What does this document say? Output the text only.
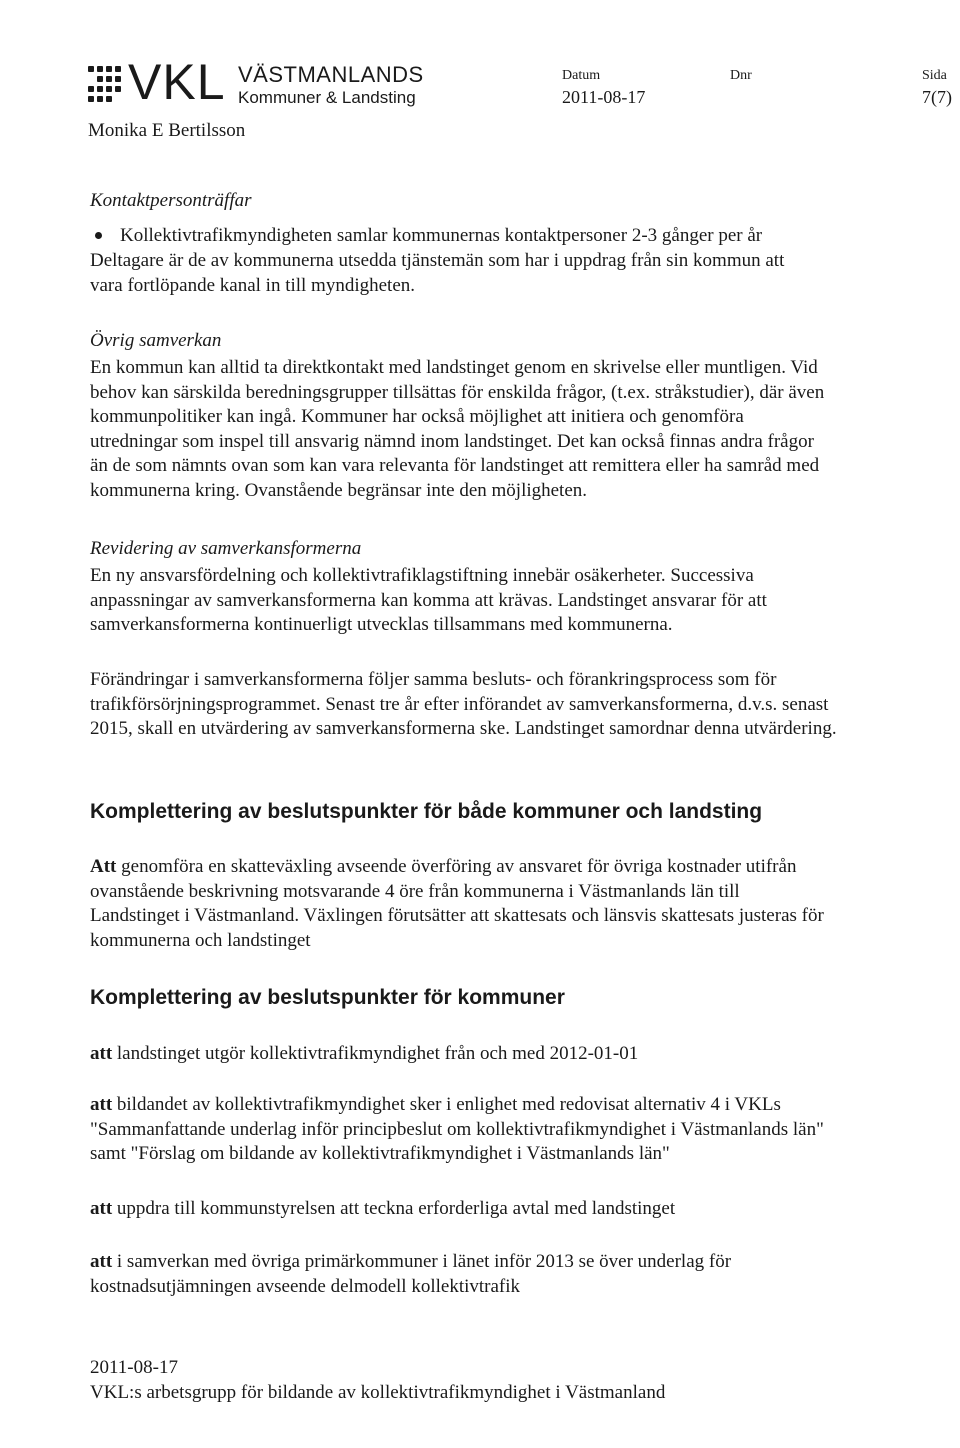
VKL VÄSTMANLANDS
Kommuner & Landsting
Monika E Bertilsson
Datum
2011-08-17
Dnr	Sida
7(7)
Kontaktpersonträffar
Kollektivtrafikmyndigheten samlar kommunernas kontaktpersoner 2-3 gånger per år

Deltagare är de av kommunerna utsedda tjänstemän som har i uppdrag från sin kommun att
vara fortlöpande kanal in till myndigheten.

Övrig samverkan

En kommun kan alltid ta direktkontakt med landstinget genom en skrivelse eller muntligen. Vid
behov kan särskilda beredningsgrupper tillsättas för enskilda frågor, (t.ex. stråkstudier), där även
kommunpolitiker kan ingå. Kommuner har också möjlighet att initiera och genomföra
utredningar som inspel till ansvarig nämnd inom landstinget. Det kan också finnas andra frågor
än de som nämnts ovan som kan vara relevanta för landstinget att remittera eller ha samråd med
kommunerna kring. Ovanstående begränsar inte den möjligheten.

Revidering av samverkansformerna

En ny ansvarsfördelning och kollektivtrafiklagstiftning innebär osäkerheter. Successiva
anpassningar av samverkansformerna kan komma att krävas. Landstinget ansvarar för att
samverkansformerna kontinuerligt utvecklas tillsammans med kommunerna.

Förändringar i samverkansformerna följer samma besluts- och förankringsprocess som för
trafikförsörjningsprogrammet. Senast tre år efter införandet av samverkansformerna, d.v.s. senast
2015, skall en utvärdering av samverkansformerna ske. Landstinget samordnar denna utvärdering.

Komplettering av beslutspunkter för både kommuner och landsting

Att genomföra en skatteväxling avseende överföring av ansvaret för övriga kostnader utifrån
ovanstående beskrivning motsvarande 4 öre från kommunerna i Västmanlands län till
Landstinget i Västmanland. Växlingen förutsätter att skattesats och länsvis skattesats justeras för
kommunerna och landstinget

Komplettering av beslutspunkter för kommuner

att landstinget utgör kollektivtrafikmyndighet från och med 2012-01-01

att bildandet av kollektivtrafikmyndighet sker i enlighet med redovisat alternativ 4 i VKLs
"Sammanfattande underlag inför principbeslut om kollektivtrafikmyndighet i Västmanlands län"
samt "Förslag om bildande av kollektivtrafikmyndighet i Västmanlands län"

att uppdra till kommunstyrelsen att teckna erforderliga avtal med landstinget

att i samverkan med övriga primärkommuner i länet inför 2013 se över underlag för
kostnadsutjämningen avseende delmodell kollektivtrafik

2011-08-17
VKL:s arbetsgrupp för bildande av kollektivtrafikmyndighet i Västmanland
